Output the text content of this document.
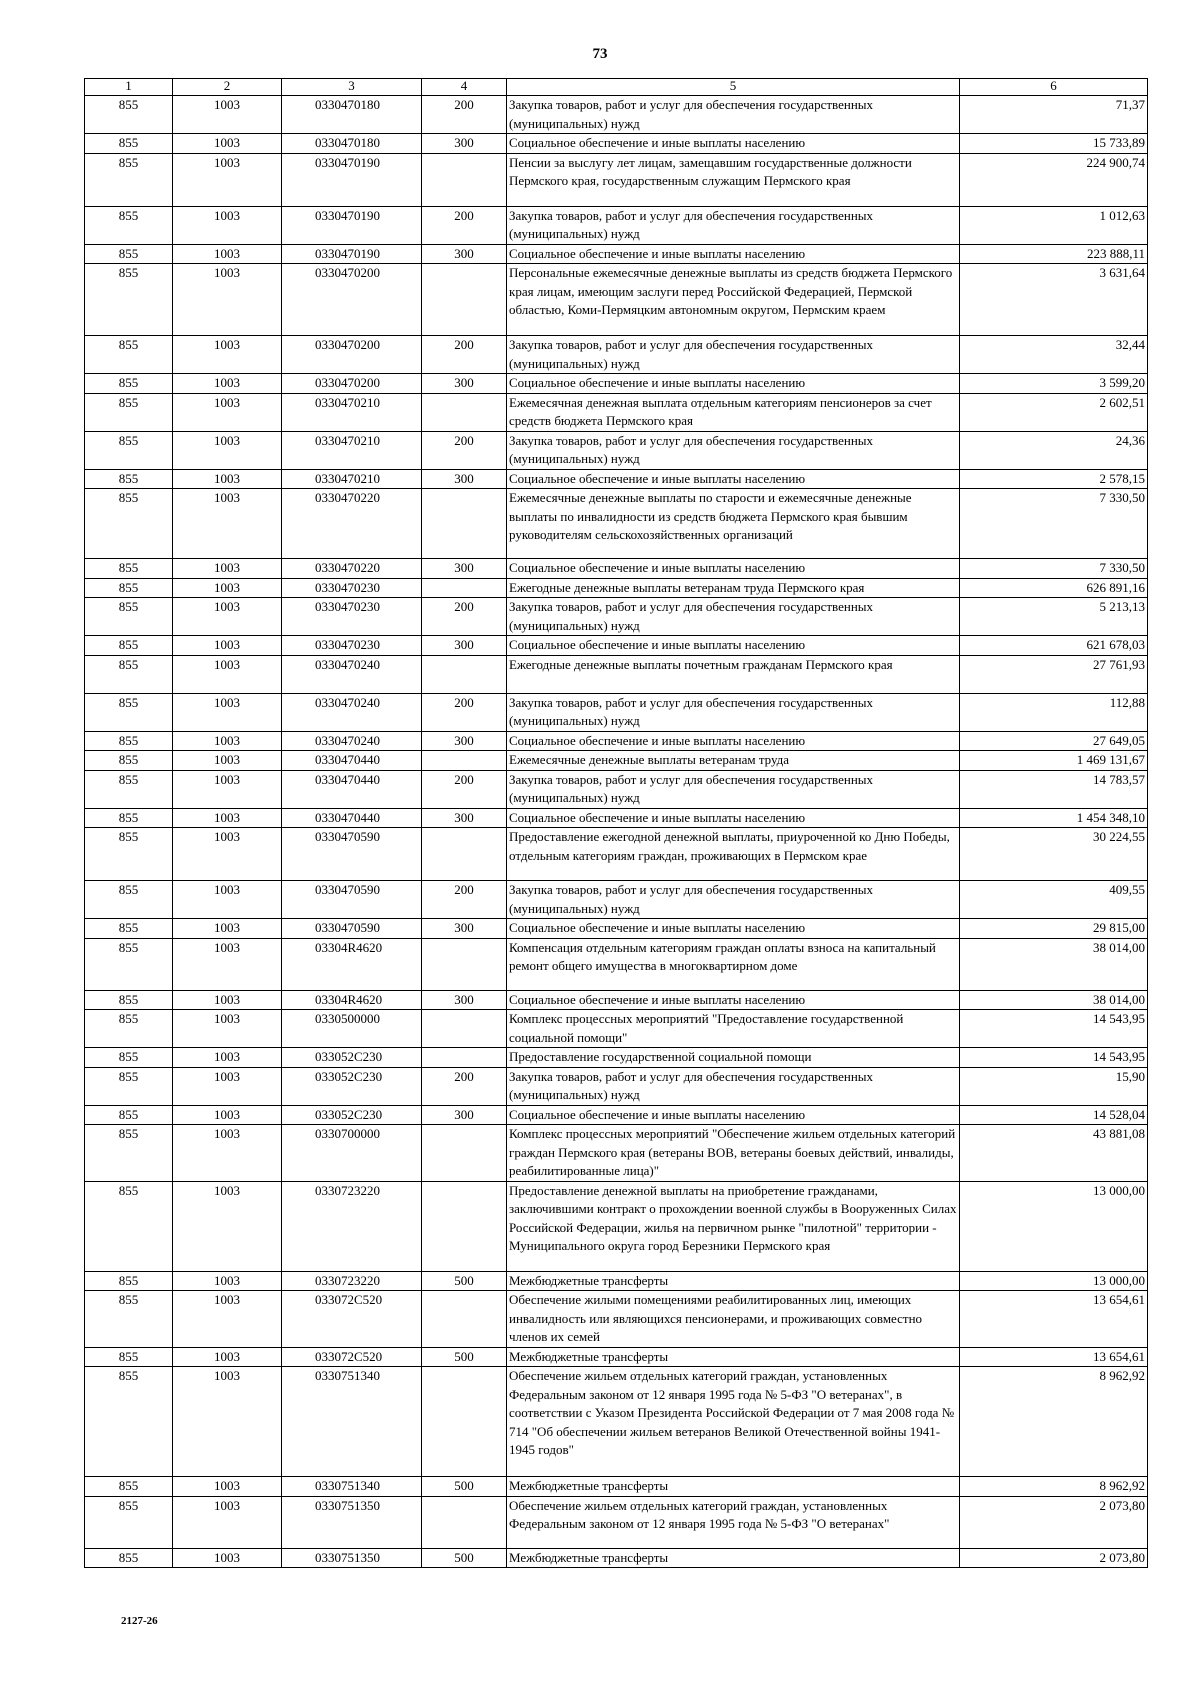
73
1	2	3	4	5	6
855	1003	0330470180	200	Закупка товаров, работ и услуг для обеспечения государственных (муниципальных) нужд	71,37
855	1003	0330470180	300	Социальное обеспечение и иные выплаты населению	15 733,89
855	1003	0330470190		Пенсии за выслугу лет лицам, замещавшим государственные должности Пермского края, государственным служащим Пермского края	224 900,74
855	1003	0330470190	200	Закупка товаров, работ и услуг для обеспечения государственных (муниципальных) нужд	1 012,63
855	1003	0330470190	300	Социальное обеспечение и иные выплаты населению	223 888,11
855	1003	0330470200		Персональные ежемесячные денежные выплаты из средств бюджета Пермского края лицам, имеющим заслуги перед Российской Федерацией, Пермской областью, Коми-Пермяцким автономным округом, Пермским краем	3 631,64
855	1003	0330470200	200	Закупка товаров, работ и услуг для обеспечения государственных (муниципальных) нужд	32,44
855	1003	0330470200	300	Социальное обеспечение и иные выплаты населению	3 599,20
855	1003	0330470210		Ежемесячная денежная выплата отдельным категориям пенсионеров за счет средств бюджета Пермского края	2 602,51
855	1003	0330470210	200	Закупка товаров, работ и услуг для обеспечения государственных (муниципальных) нужд	24,36
855	1003	0330470210	300	Социальное обеспечение и иные выплаты населению	2 578,15
855	1003	0330470220		Ежемесячные денежные выплаты по старости и ежемесячные денежные выплаты по инвалидности из средств бюджета Пермского края бывшим руководителям сельскохозяйственных организаций	7 330,50
855	1003	0330470220	300	Социальное обеспечение и иные выплаты населению	7 330,50
855	1003	0330470230		Ежегодные денежные выплаты ветеранам труда Пермского края	626 891,16
855	1003	0330470230	200	Закупка товаров, работ и услуг для обеспечения государственных (муниципальных) нужд	5 213,13
855	1003	0330470230	300	Социальное обеспечение и иные выплаты населению	621 678,03
855	1003	0330470240		Ежегодные денежные выплаты почетным гражданам Пермского края	27 761,93
855	1003	0330470240	200	Закупка товаров, работ и услуг для обеспечения государственных (муниципальных) нужд	112,88
855	1003	0330470240	300	Социальное обеспечение и иные выплаты населению	27 649,05
855	1003	0330470440		Ежемесячные денежные выплаты ветеранам труда	1 469 131,67
855	1003	0330470440	200	Закупка товаров, работ и услуг для обеспечения государственных (муниципальных) нужд	14 783,57
855	1003	0330470440	300	Социальное обеспечение и иные выплаты населению	1 454 348,10
855	1003	0330470590		Предоставление ежегодной денежной выплаты, приуроченной ко Дню Победы, отдельным категориям граждан, проживающих в Пермском крае	30 224,55
855	1003	0330470590	200	Закупка товаров, работ и услуг для обеспечения государственных (муниципальных) нужд	409,55
855	1003	0330470590	300	Социальное обеспечение и иные выплаты населению	29 815,00
855	1003	03304R4620		Компенсация отдельным категориям граждан оплаты взноса на капитальный ремонт общего имущества в многоквартирном доме	38 014,00
855	1003	03304R4620	300	Социальное обеспечение и иные выплаты населению	38 014,00
855	1003	0330500000		Комплекс процессных мероприятий "Предоставление государственной социальной помощи"	14 543,95
855	1003	033052С230		Предоставление государственной социальной помощи	14 543,95
855	1003	033052С230	200	Закупка товаров, работ и услуг для обеспечения государственных (муниципальных) нужд	15,90
855	1003	033052С230	300	Социальное обеспечение и иные выплаты населению	14 528,04
855	1003	0330700000		Комплекс процессных мероприятий "Обеспечение жильем отдельных категорий граждан Пермского края (ветераны ВОВ, ветераны боевых действий, инвалиды, реабилитированные лица)"	43 881,08
855	1003	0330723220		Предоставление денежной выплаты на приобретение гражданами, заключившими контракт о прохождении военной службы в Вооруженных Силах Российской Федерации, жилья на первичном рынке "пилотной" территории - Муниципального округа город Березники Пермского края	13 000,00
855	1003	0330723220	500	Межбюджетные трансферты	13 000,00
855	1003	033072С520		Обеспечение жилыми помещениями реабилитированных лиц, имеющих инвалидность или являющихся пенсионерами, и проживающих совместно членов их семей	13 654,61
855	1003	033072С520	500	Межбюджетные трансферты	13 654,61
855	1003	0330751340		Обеспечение жильем отдельных категорий граждан, установленных Федеральным законом от 12 января 1995 года № 5-ФЗ "О ветеранах", в соответствии с Указом Президента Российской Федерации от 7 мая 2008 года № 714 "Об обеспечении жильем ветеранов Великой Отечественной войны 1941-1945 годов"	8 962,92
855	1003	0330751340	500	Межбюджетные трансферты	8 962,92
855	1003	0330751350		Обеспечение жильем отдельных категорий граждан, установленных Федеральным законом от 12 января 1995 года № 5-ФЗ "О ветеранах"	2 073,80
855	1003	0330751350	500	Межбюджетные трансферты	2 073,80
2127-26
